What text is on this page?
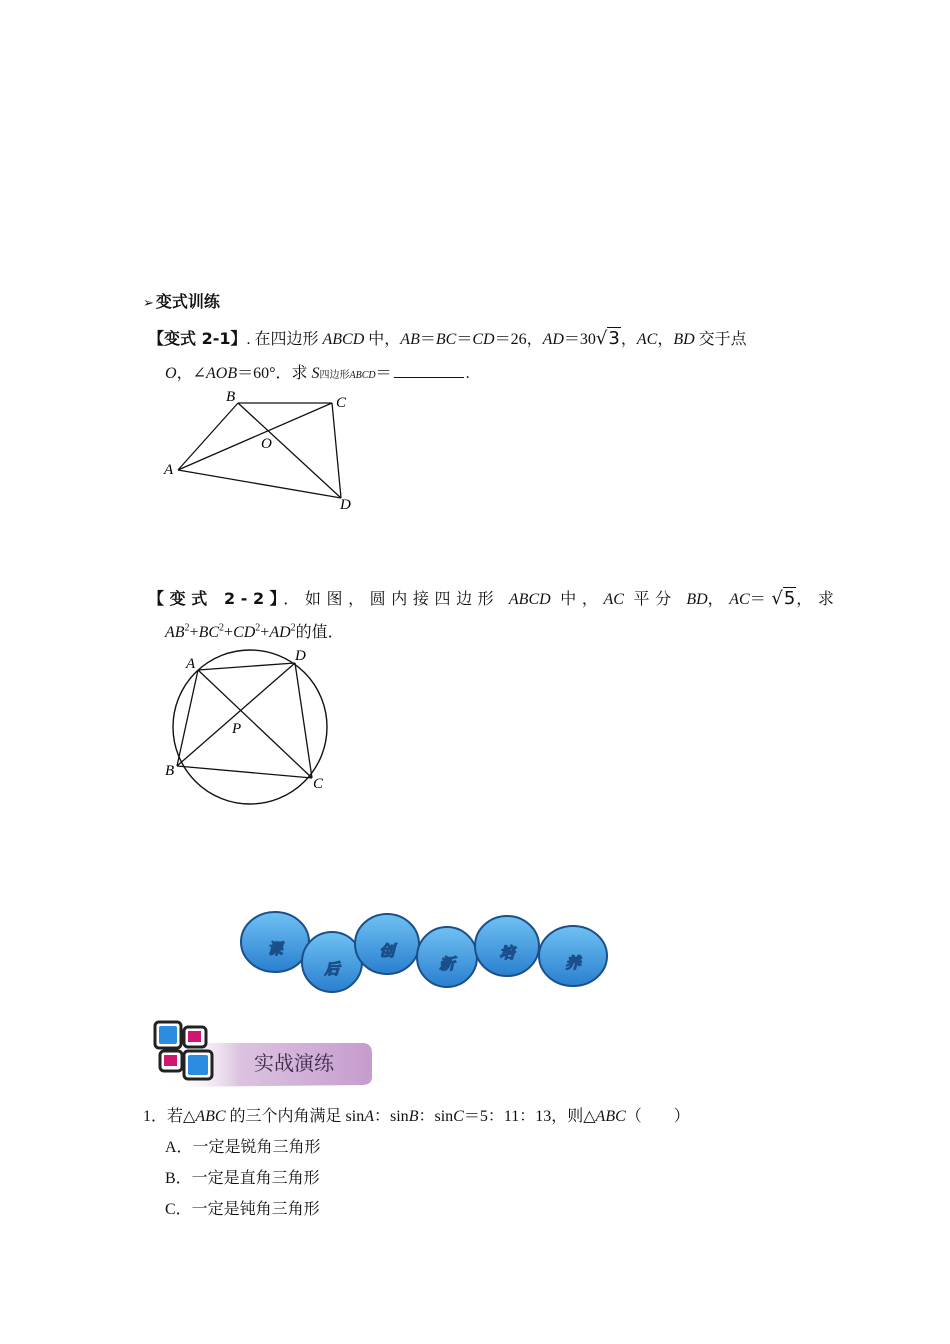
➢ 变式训练
【变式 2-1】. 在四边形 ABCD 中，AB＝BC＝CD＝26，AD＝30√3，AC，BD 交于点
O，∠AOB＝60°．求 S四边形ABCD＝	.
A
B	C
D
O
【变式 2-2】．如图，圆内接四边形 ABCD 中，AC 平分 BD，AC＝√5，求
$AB^2+BC^2+CD^2+AD^2$的值．
A	D
B
C
P
课
后
创
新
培
养
实战演练
1．若△ABC 的三个内角满足 sinA：sinB：sinC＝5：11：13，则△ABC（　　）
A．一定是锐角三角形
B．一定是直角三角形
C．一定是钝角三角形
